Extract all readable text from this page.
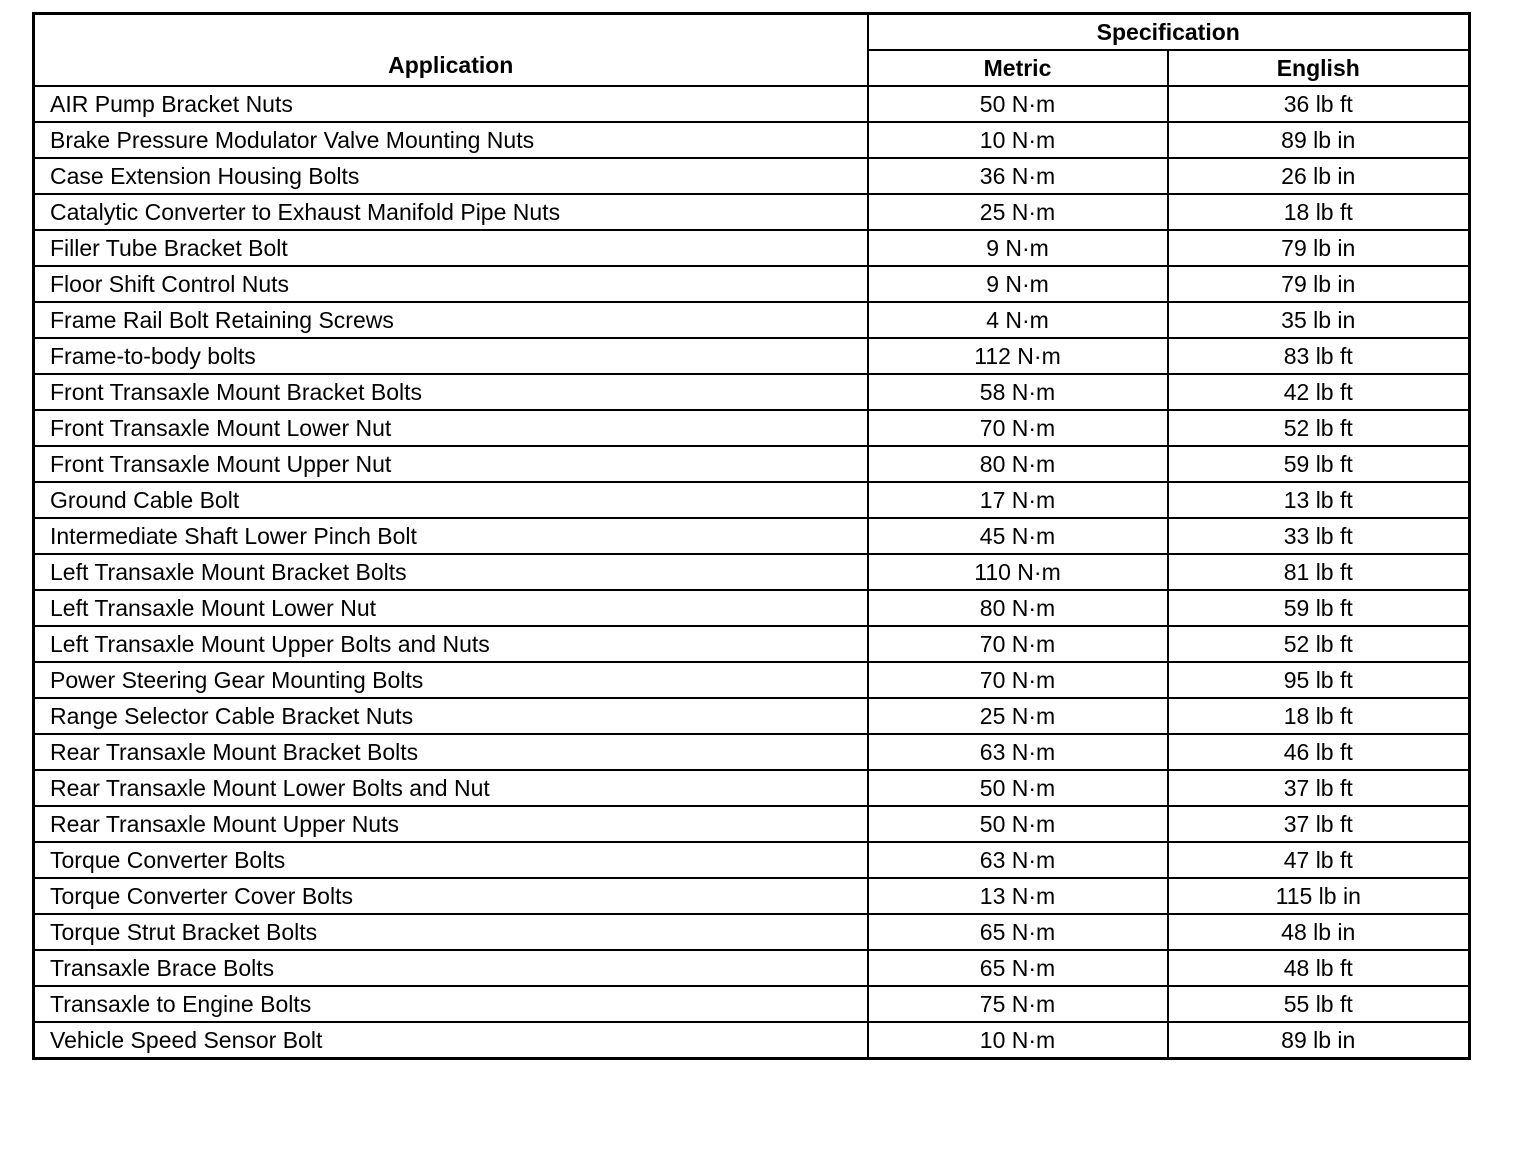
Application	Specification	
	Metric	English
AIR Pump Bracket Nuts	50 N·m	36 lb ft
Brake Pressure Modulator Valve Mounting Nuts	10 N·m	89 lb in
Case Extension Housing Bolts	36 N·m	26 lb in
Catalytic Converter to Exhaust Manifold Pipe Nuts	25 N·m	18 lb ft
Filler Tube Bracket Bolt	9 N·m	79 lb in
Floor Shift Control Nuts	9 N·m	79 lb in
Frame Rail Bolt Retaining Screws	4 N·m	35 lb in
Frame-to-body bolts	112 N·m	83 lb ft
Front Transaxle Mount Bracket Bolts	58 N·m	42 lb ft
Front Transaxle Mount Lower Nut	70 N·m	52 lb ft
Front Transaxle Mount Upper Nut	80 N·m	59 lb ft
Ground Cable Bolt	17 N·m	13 lb ft
Intermediate Shaft Lower Pinch Bolt	45 N·m	33 lb ft
Left Transaxle Mount Bracket Bolts	110 N·m	81 lb ft
Left Transaxle Mount Lower Nut	80 N·m	59 lb ft
Left Transaxle Mount Upper Bolts and Nuts	70 N·m	52 lb ft
Power Steering Gear Mounting Bolts	70 N·m	95 lb ft
Range Selector Cable Bracket Nuts	25 N·m	18 lb ft
Rear Transaxle Mount Bracket Bolts	63 N·m	46 lb ft
Rear Transaxle Mount Lower Bolts and Nut	50 N·m	37 lb ft
Rear Transaxle Mount Upper Nuts	50 N·m	37 lb ft
Torque Converter Bolts	63 N·m	47 lb ft
Torque Converter Cover Bolts	13 N·m	115 lb in
Torque Strut Bracket Bolts	65 N·m	48 lb in
Transaxle Brace Bolts	65 N·m	48 lb ft
Transaxle to Engine Bolts	75 N·m	55 lb ft
Vehicle Speed Sensor Bolt	10 N·m	89 lb in
